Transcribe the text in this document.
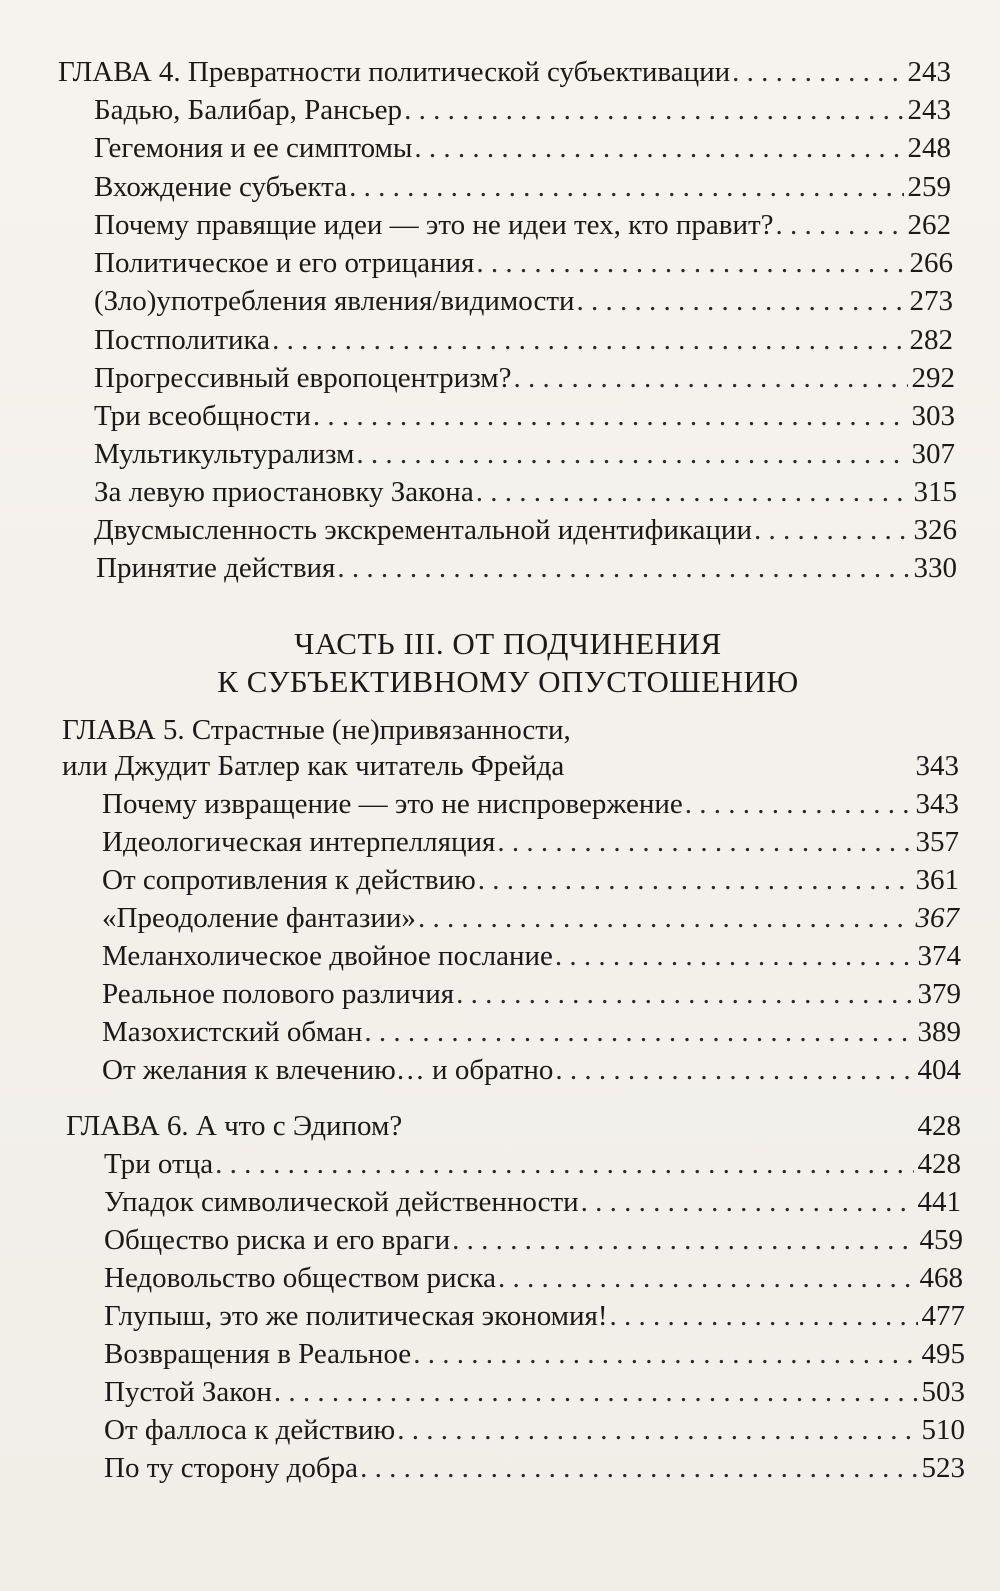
ГЛАВА 4. Превратности политической субъективации . . .	243
Бадью, Балибар, Рансьер . . .	243
Гегемония и ее симптомы . . .	248
Вхождение субъекта . . .	259
Почему правящие идеи — это не идеи тех, кто правит? . . .	262
Политическое и его отрицания . . .	266
(Зло)употребления явления/видимости . . .	273
Постполитика . . .	282
Прогрессивный европоцентризм? . . .	292
Три всеобщности . . .	303
Мультикультурализм . . .	307
За левую приостановку Закона . . .	315
Двусмысленность экскрементальной идентификации . . .	326
Принятие действия . . .	330
ЧАСТЬ III. ОТ ПОДЧИНЕНИЯ
К СУБЪЕКТИВНОМУ ОПУСТОШЕНИЮ
ГЛАВА 5. Страстные (не)привязанности,
или Джудит Батлер как читатель Фрейда	343
Почему извращение — это не ниспровержение . . .	343
Идеологическая интерпелляция . . .	357
От сопротивления к действию . . .	361
«Преодоление фантазии» . . .	367
Меланхолическое двойное послание . . .	374
Реальное полового различия . . .	379
Мазохистский обман . . .	389
От желания к влечению… и обратно . . .	404
ГЛАВА 6. А что с Эдипом?	428
Три отца . . .	428
Упадок символической действенности . . .	441
Общество риска и его враги . . .	459
Недовольство обществом риска . . .	468
Глупыш, это же политическая экономия! . . .	477
Возвращения в Реальное . . .	495
Пустой Закон . . .	503
От фаллоса к действию . . .	510
По ту сторону добра . . .	523
